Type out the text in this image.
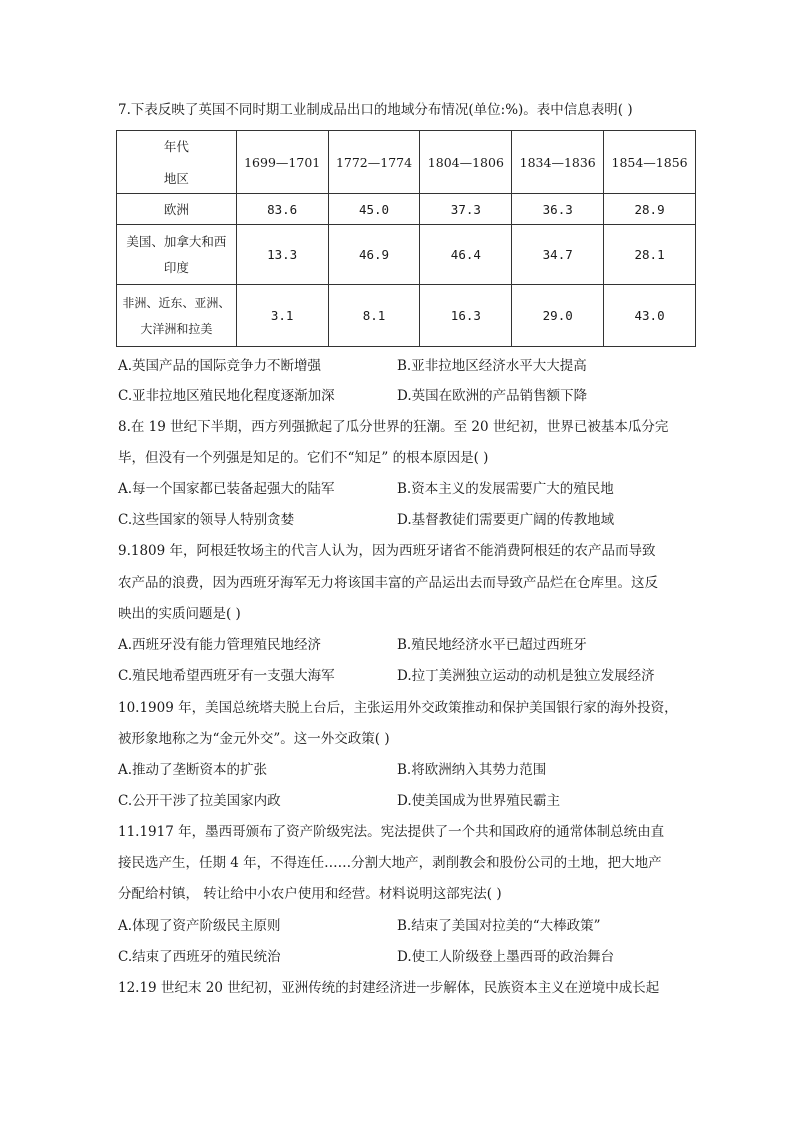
7.下表反映了英国不同时期工业制成品出口的地域分布情况(单位:%)。表中信息表明( )
年代
地区	1699—1701	1772—1774	1804—1806	1834—1836	1854—1856
欧洲	83.6	45.0	37.3	36.3	28.9

美国、加拿大和西
印度	13.3	46.9	46.4	34.7	28.1

非洲、近东、亚洲、
大洋洲和拉美	3.1	8.1	16.3	29.0	43.0
A.英国产品的国际竞争力不断增强	B.亚非拉地区经济水平大大提高
C.亚非拉地区殖民地化程度逐渐加深	D.英国在欧洲的产品销售额下降
8.在 19 世纪下半期，西方列强掀起了瓜分世界的狂潮。至 20 世纪初，世界已被基本瓜分完
毕，但没有一个列强是知足的。它们不“知足” 的根本原因是( )
A.每一个国家都已装备起强大的陆军	B.资本主义的发展需要广大的殖民地
C.这些国家的领导人特别贪婪	D.基督教徒们需要更广阔的传教地域
9.1809 年，阿根廷牧场主的代言人认为，因为西班牙诸省不能消费阿根廷的农产品而导致
农产品的浪费，因为西班牙海军无力将该国丰富的产品运出去而导致产品烂在仓库里。这反
映出的实质问题是( )
A.西班牙没有能力管理殖民地经济	B.殖民地经济水平已超过西班牙
C.殖民地希望西班牙有一支强大海军	D.拉丁美洲独立运动的动机是独立发展经济
10.1909 年，美国总统塔夫脱上台后，主张运用外交政策推动和保护美国银行家的海外投资，
被形象地称之为“金元外交”。这一外交政策( )
A.推动了垄断资本的扩张	B.将欧洲纳入其势力范围
C.公开干涉了拉美国家内政	D.使美国成为世界殖民霸主
11.1917 年，墨西哥颁布了资产阶级宪法。宪法提供了一个共和国政府的通常体制总统由直
接民选产生，任期 4 年，不得连任……分割大地产，剥削教会和股份公司的土地，把大地产
分配给村镇， 转让给中小农户使用和经营。材料说明这部宪法( )
A.体现了资产阶级民主原则	B.结束了美国对拉美的“大棒政策”
C.结束了西班牙的殖民统治	D.使工人阶级登上墨西哥的政治舞台
12.19 世纪末 20 世纪初，亚洲传统的封建经济进一步解体，民族资本主义在逆境中成长起
